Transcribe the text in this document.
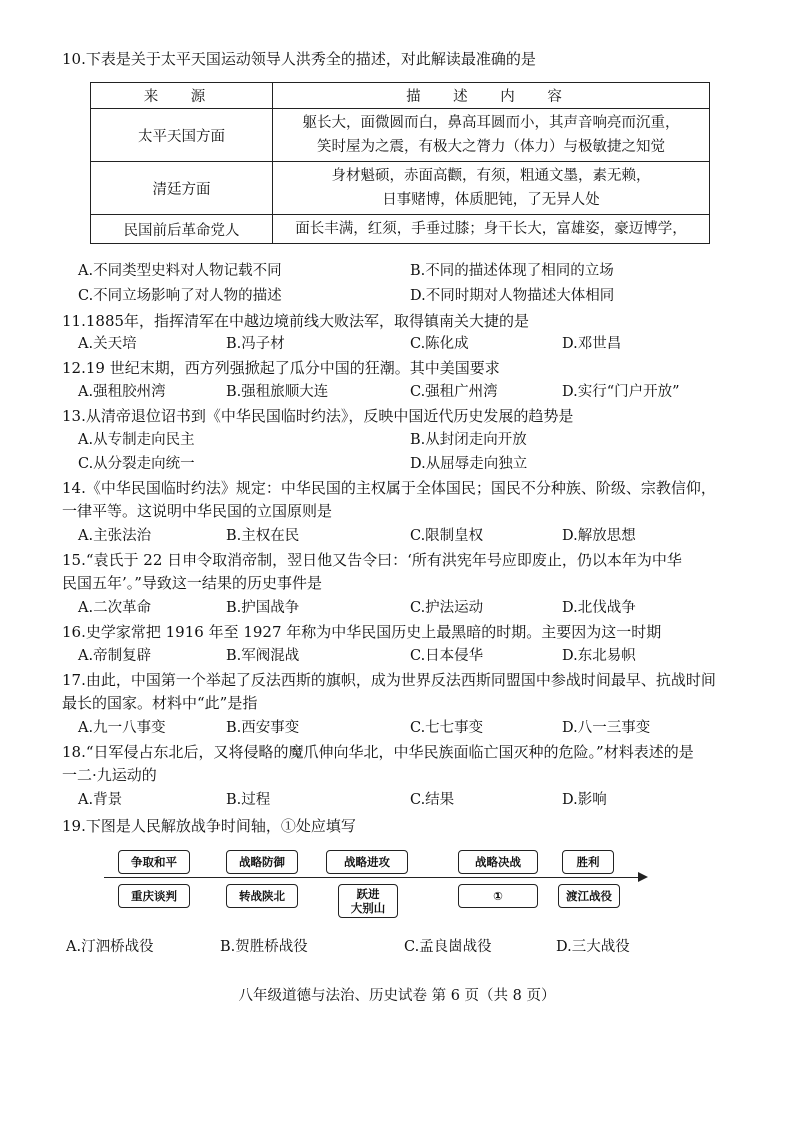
10.下表是关于太平天国运动领导人洪秀全的描述，对此解读最准确的是
来 源	描 述 内 容
太平天国方面	躯长大，面微圆而白，鼻高耳圆而小，其声音响亮而沉重，
笑时屋为之震，有极大之膂力（体力）与极敏捷之知觉

清廷方面	身材魁硕，赤面高颧，有须，粗通文墨，素无赖，
日事赌博，体质肥钝，了无异人处

民国前后革命党人	面长丰满，红须，手垂过膝；身干长大，富雄姿，豪迈博学，
A.不同类型史料对人物记载不同	B.不同的描述体现了相同的立场
C.不同立场影响了对人物的描述	D.不同时期对人物描述大体相同
11.1885年，指挥清军在中越边境前线大败法军，取得镇南关大捷的是
A.关天培	B.冯子材	C.陈化成	D.邓世昌
12.19 世纪末期，西方列强掀起了瓜分中国的狂潮。其中美国要求
A.强租胶州湾	B.强租旅顺大连	C.强租广州湾	D.实行“门户开放”
13.从清帝退位诏书到《中华民国临时约法》，反映中国近代历史发展的趋势是
A.从专制走向民主	B.从封闭走向开放
C.从分裂走向统一	D.从屈辱走向独立
14.《中华民国临时约法》规定：中华民国的主权属于全体国民；国民不分种族、阶级、宗教信仰，
一律平等。这说明中华民国的立国原则是
A.主张法治	B.主权在民	C.限制皇权	D.解放思想
15.“袁氏于 22 日申令取消帝制，翌日他又告令曰：‘所有洪宪年号应即废止，仍以本年为中华
民国五年’。”导致这一结果的历史事件是
A.二次革命	B.护国战争	C.护法运动	D.北伐战争
16.史学家常把 1916 年至 1927 年称为中华民国历史上最黑暗的时期。主要因为这一时期
A.帝制复辟	B.军阀混战	C.日本侵华	D.东北易帜
17.由此，中国第一个举起了反法西斯的旗帜，成为世界反法西斯同盟国中参战时间最早、抗战时间
最长的国家。材料中“此”是指
A.九一八事变	B.西安事变	C.七七事变	D.八一三事变
18.“日军侵占东北后，又将侵略的魔爪伸向华北，中华民族面临亡国灭种的危险。”材料表述的是
一二·九运动的
A.背景	B.过程	C.结果	D.影响
19.下图是人民解放战争时间轴，①处应填写
争取和平	战略防御	战略进攻	战略决战	胜利
重庆谈判	转战陕北	跃进
大别山
①	渡江战役
A.汀泗桥战役	B.贺胜桥战役	C.孟良崮战役	D.三大战役
八年级道德与法治、历史试卷 第 6 页（共 8 页）
